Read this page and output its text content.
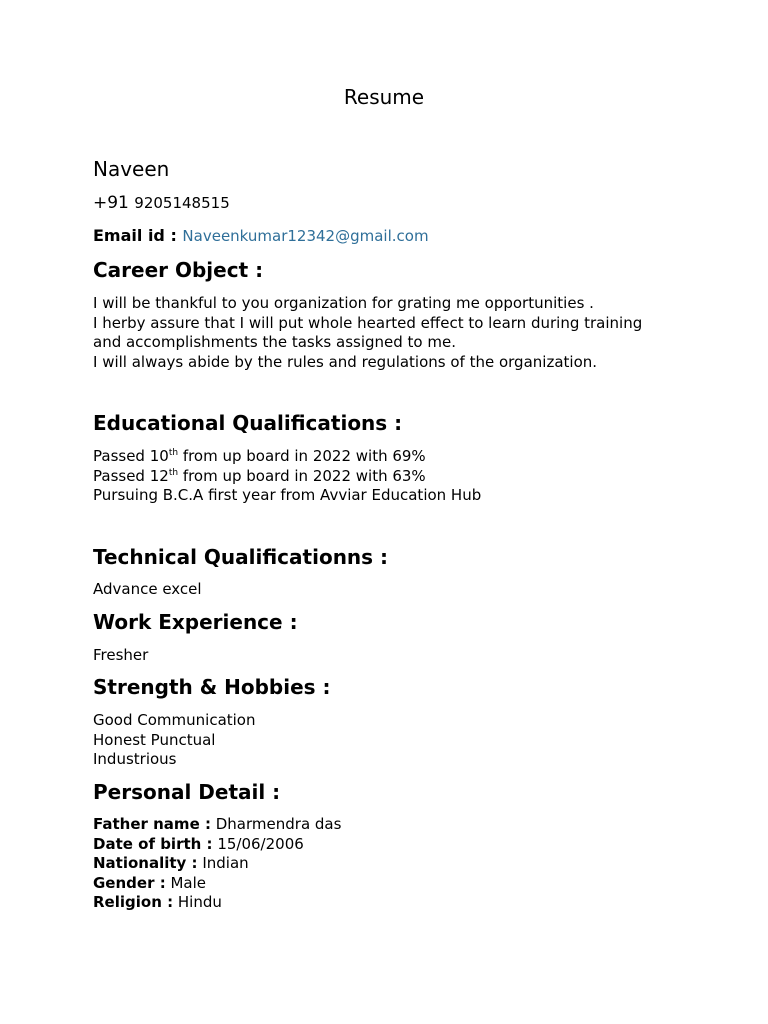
Resume
Naveen
+91 9205148515
Email id : Naveenkumar12342@gmail.com
Career Object :
I will be thankful to you organization for grating me opportunities .
I herby assure that I will put whole hearted effect to learn during training
and accomplishments the tasks assigned to me.
I will always abide by the rules and regulations of the organization.
Educational Qualifications :
Passed 10th from up board in 2022 with 69%
Passed 12th from up board in 2022 with 63%
Pursuing B.C.A first year from Avviar Education Hub
Technical Qualificationns :
Advance excel
Work Experience :
Fresher
Strength & Hobbies :
Good Communication
Honest Punctual
Industrious
Personal Detail :
Father name : Dharmendra das
Date of birth : 15/06/2006
Nationality : Indian
Gender : Male
Religion : Hindu
